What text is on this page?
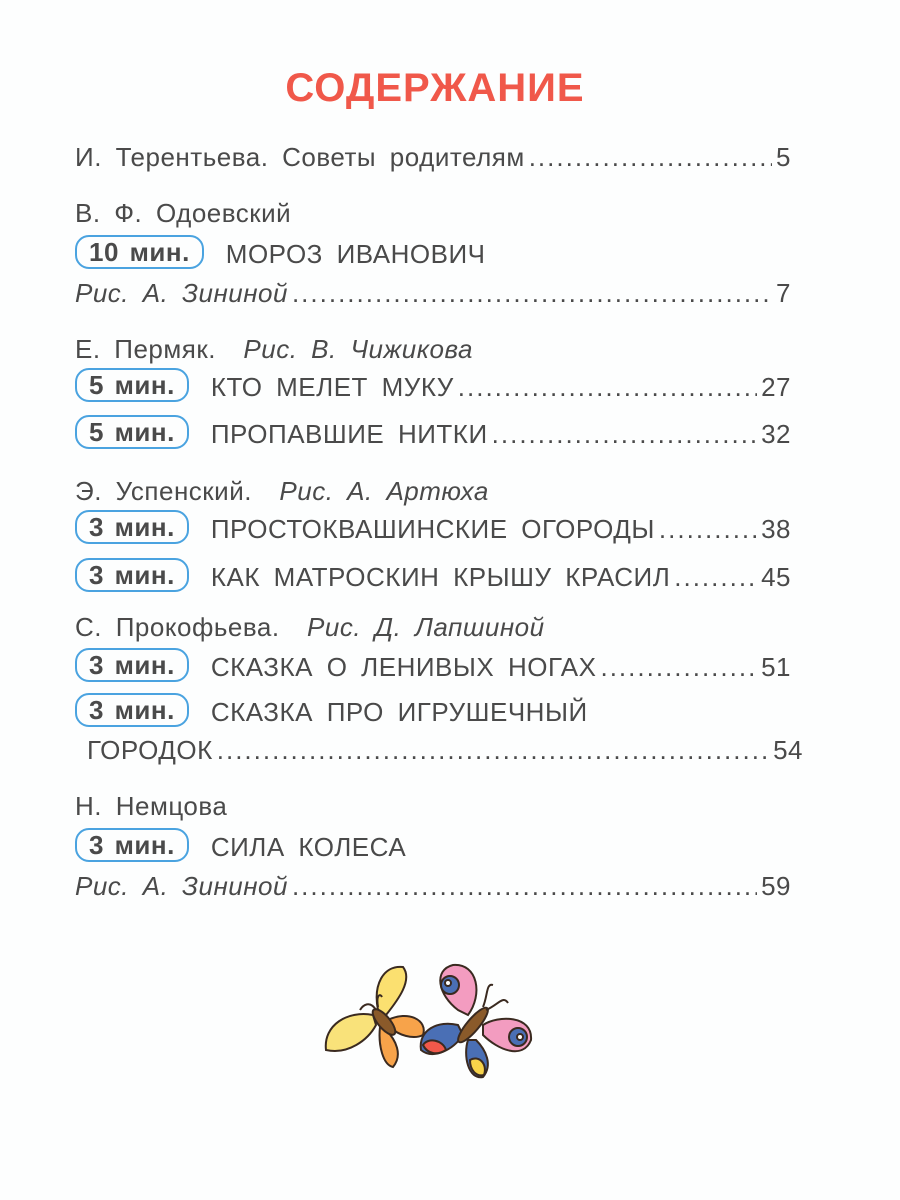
СОДЕРЖАНИЕ
И. Терентьева. Советы родителям .....	5
В. Ф. Одоевский
10 мин.	МОРОЗ ИВАНОВИЧ
Рис. А. Зининой .....	7
Е. Пермяк.
Рис. В. Чижикова
5 мин.	КТО МЕЛЕТ МУКУ .....	27
5 мин.	ПРОПАВШИЕ НИТКИ .....	32
Э. Успенский.
Рис. А. Артюха
3 мин.	ПРОСТОКВАШИНСКИЕ ОГОРОДЫ .....	38
3 мин.	КАК МАТРОСКИН КРЫШУ КРАСИЛ .....	45
С. Прокофьева.
Рис. Д. Лапшиной
3 мин.	СКАЗКА О ЛЕНИВЫХ НОГАХ .....	51
3 мин.	СКАЗКА ПРО ИГРУШЕЧНЫЙ
ГОРОДОК .....	54
Н. Немцова
3 мин.	СИЛА КОЛЕСА
Рис. А. Зининой .....	59
